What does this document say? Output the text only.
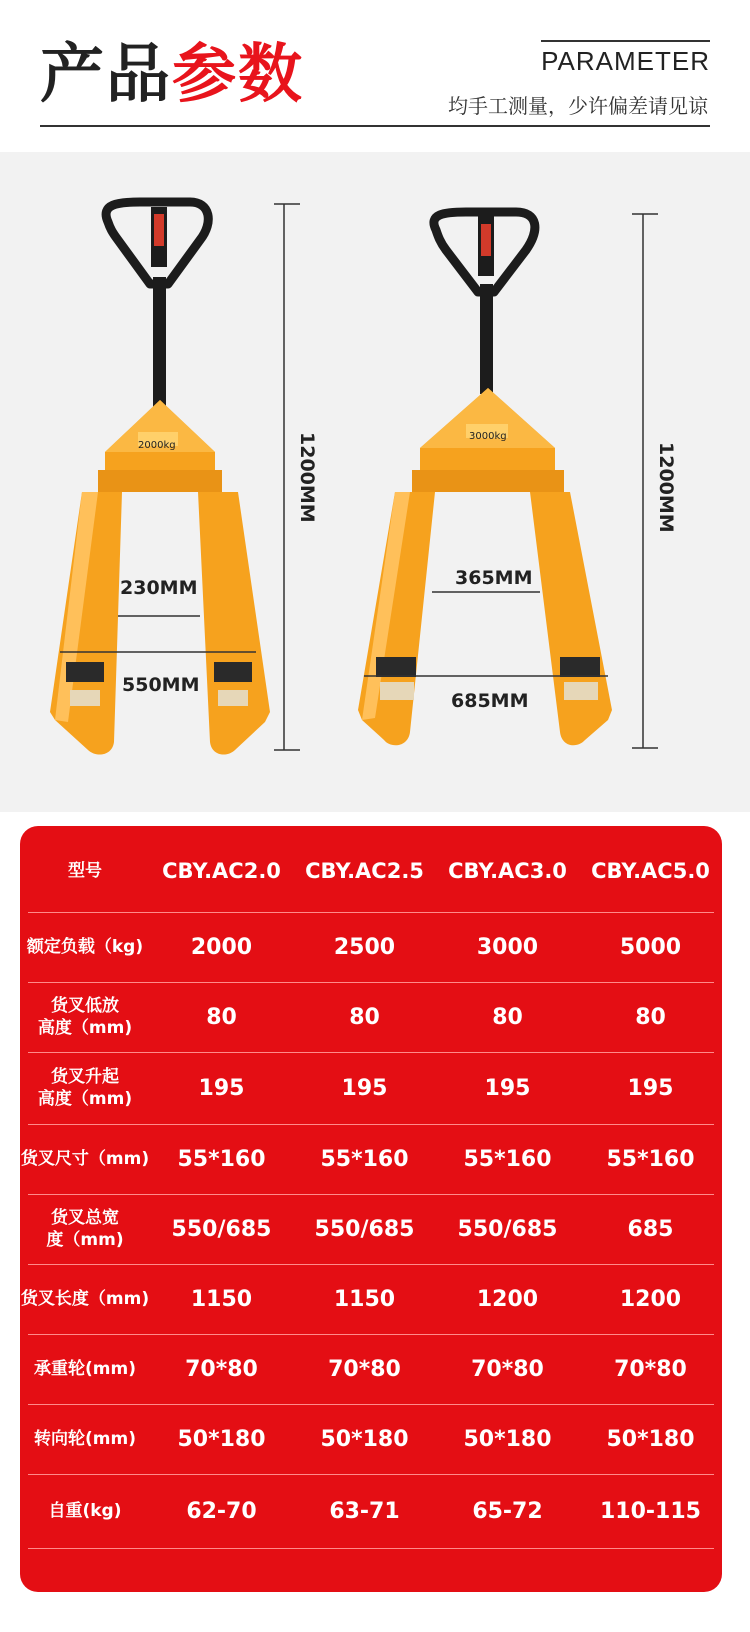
产品参数	PARAMETER
均手工测量，少许偏差请见谅
2000kg
3000kg
230MM
550MM
365MM
685MM
1200MM	1200MM
型号	CBY.AC2.0	CBY.AC2.5	CBY.AC3.0	CBY.AC5.0
额定负载（kg)	2000	2500	3000	5000
货叉低放
高度（mm)	80	80	80	80
货叉升起
高度（mm)	195	195	195	195
货叉尺寸（mm)	55*160	55*160	55*160	55*160
货叉总宽
度（mm)	550/685	550/685	550/685	685
货叉长度（mm)	1150	1150	1200	1200
承重轮(mm)	70*80	70*80	70*80	70*80
转向轮(mm)	50*180	50*180	50*180	50*180
自重(kg)	62-70	63-71	65-72	110-115
